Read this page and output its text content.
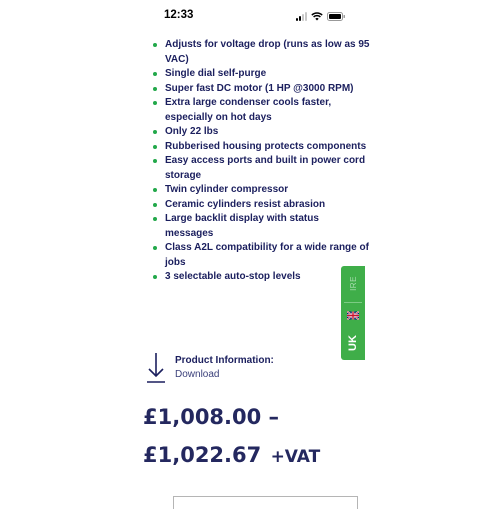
12:33
Adjusts for voltage drop (runs as low as 95 VAC)
Single dial self-purge
Super fast DC motor (1 HP @3000 RPM)
Extra large condenser cools faster, especially on hot days
Only 22 lbs
Rubberised housing protects components
Easy access ports and built in power cord storage
Twin cylinder compressor
Ceramic cylinders resist abrasion
Large backlit display with status messages
Class A2L compatibility for a wide range of jobs
3 selectable auto-stop levels	IRE
UK
Product Information:
Download
£1,008.00 –
£1,022.67 +VAT
